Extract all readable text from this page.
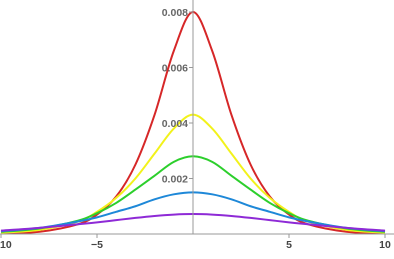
10	−5	5	10
0.002
0.004
0.006
0.008
